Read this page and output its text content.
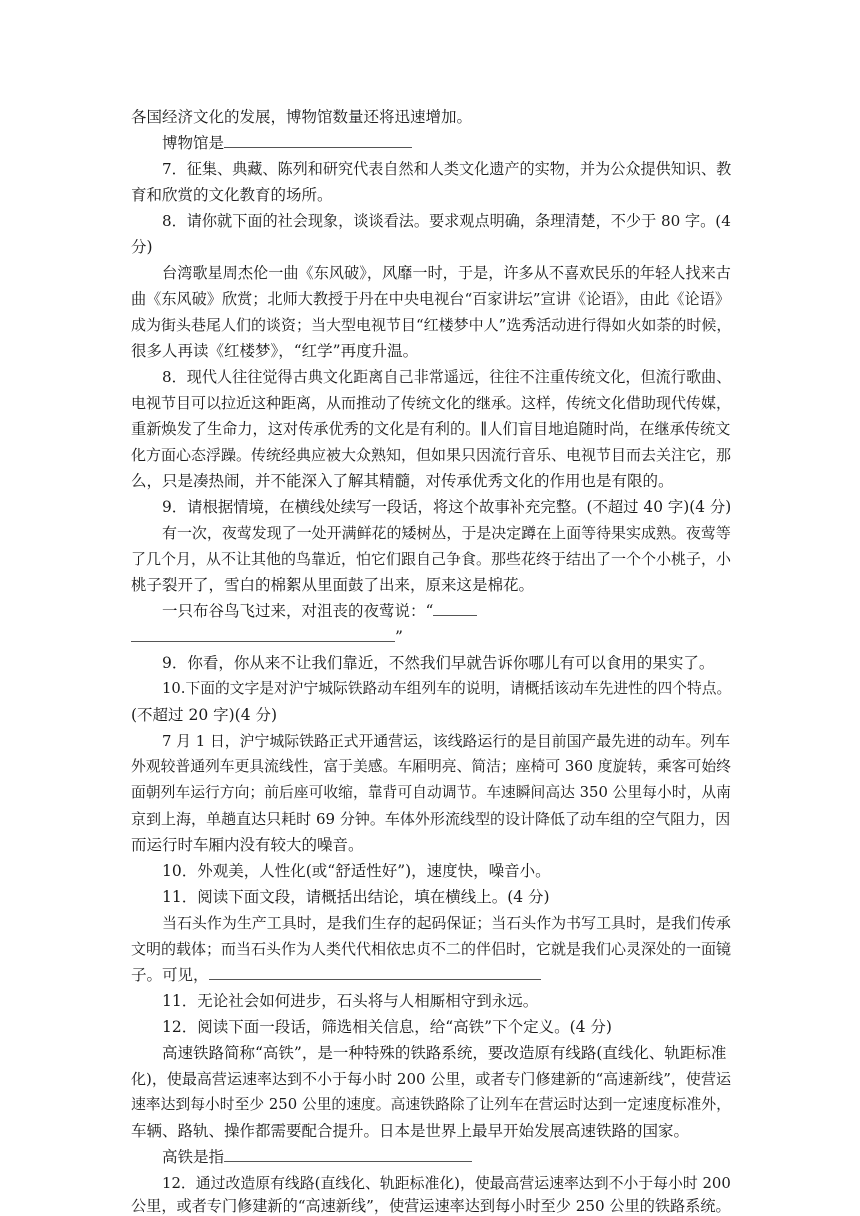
各国经济文化的发展，博物馆数量还将迅速增加。
博物馆是
7．征集、典藏、陈列和研究代表自然和人类文化遗产的实物，并为公众提供知识、教
育和欣赏的文化教育的场所。
8．请你就下面的社会现象，谈谈看法。要求观点明确，条理清楚，不少于 80 字。(4
分)
台湾歌星周杰伦一曲《东风破》，风靡一时，于是，许多从不喜欢民乐的年轻人找来古
曲《东风破》欣赏；北师大教授于丹在中央电视台“百家讲坛”宣讲《论语》，由此《论语》
成为街头巷尾人们的谈资；当大型电视节目“红楼梦中人”选秀活动进行得如火如荼的时候，
很多人再读《红楼梦》，“红学”再度升温。
8．现代人往往觉得古典文化距离自己非常遥远，往往不注重传统文化，但流行歌曲、
电视节目可以拉近这种距离，从而推动了传统文化的继承。这样，传统文化借助现代传媒，
重新焕发了生命力，这对传承优秀的文化是有利的。∥人们盲目地追随时尚，在继承传统文
化方面心态浮躁。传统经典应被大众熟知，但如果只因流行音乐、电视节目而去关注它，那
么，只是凑热闹，并不能深入了解其精髓，对传承优秀文化的作用也是有限的。
9．请根据情境，在横线处续写一段话，将这个故事补充完整。(不超过 40 字)(4 分)
有一次，夜莺发现了一处开满鲜花的矮树丛，于是决定蹲在上面等待果实成熟。夜莺等
了几个月，从不让其他的鸟靠近，怕它们跟自己争食。那些花终于结出了一个个小桃子，小
桃子裂开了，雪白的棉絮从里面鼓了出来，原来这是棉花。
一只布谷鸟飞过来，对沮丧的夜莺说：“
”
9．你看，你从来不让我们靠近，不然我们早就告诉你哪儿有可以食用的果实了。
10.下面的文字是对沪宁城际铁路动车组列车的说明，请概括该动车先进性的四个特点。
(不超过 20 字)(4 分)
7 月 1 日，沪宁城际铁路正式开通营运，该线路运行的是目前国产最先进的动车。列车
外观较普通列车更具流线性，富于美感。车厢明亮、简洁；座椅可 360 度旋转，乘客可始终
面朝列车运行方向；前后座可收缩，靠背可自动调节。车速瞬间高达 350 公里每小时，从南
京到上海，单趟直达只耗时 69 分钟。车体外形流线型的设计降低了动车组的空气阻力，因
而运行时车厢内没有较大的噪音。
10．外观美，人性化(或“舒适性好”)，速度快，噪音小。
11．阅读下面文段，请概括出结论，填在横线上。(4 分)
当石头作为生产工具时，是我们生存的起码保证；当石头作为书写工具时，是我们传承
文明的载体；而当石头作为人类代代相依忠贞不二的伴侣时，它就是我们心灵深处的一面镜
子。可见，
11．无论社会如何进步，石头将与人相厮相守到永远。
12．阅读下面一段话，筛选相关信息，给“高铁”下个定义。(4 分)
高速铁路简称“高铁”，是一种特殊的铁路系统，要改造原有线路(直线化、轨距标准
化)，使最高营运速率达到不小于每小时 200 公里，或者专门修建新的“高速新线”，使营运
速率达到每小时至少 250 公里的速度。高速铁路除了让列车在营运时达到一定速度标准外，
车辆、路轨、操作都需要配合提升。日本是世界上最早开始发展高速铁路的国家。
高铁是指
12．通过改造原有线路(直线化、轨距标准化)，使最高营运速率达到不小于每小时 200
公里，或者专门修建新的“高速新线”，使营运速率达到每小时至少 250 公里的铁路系统。
